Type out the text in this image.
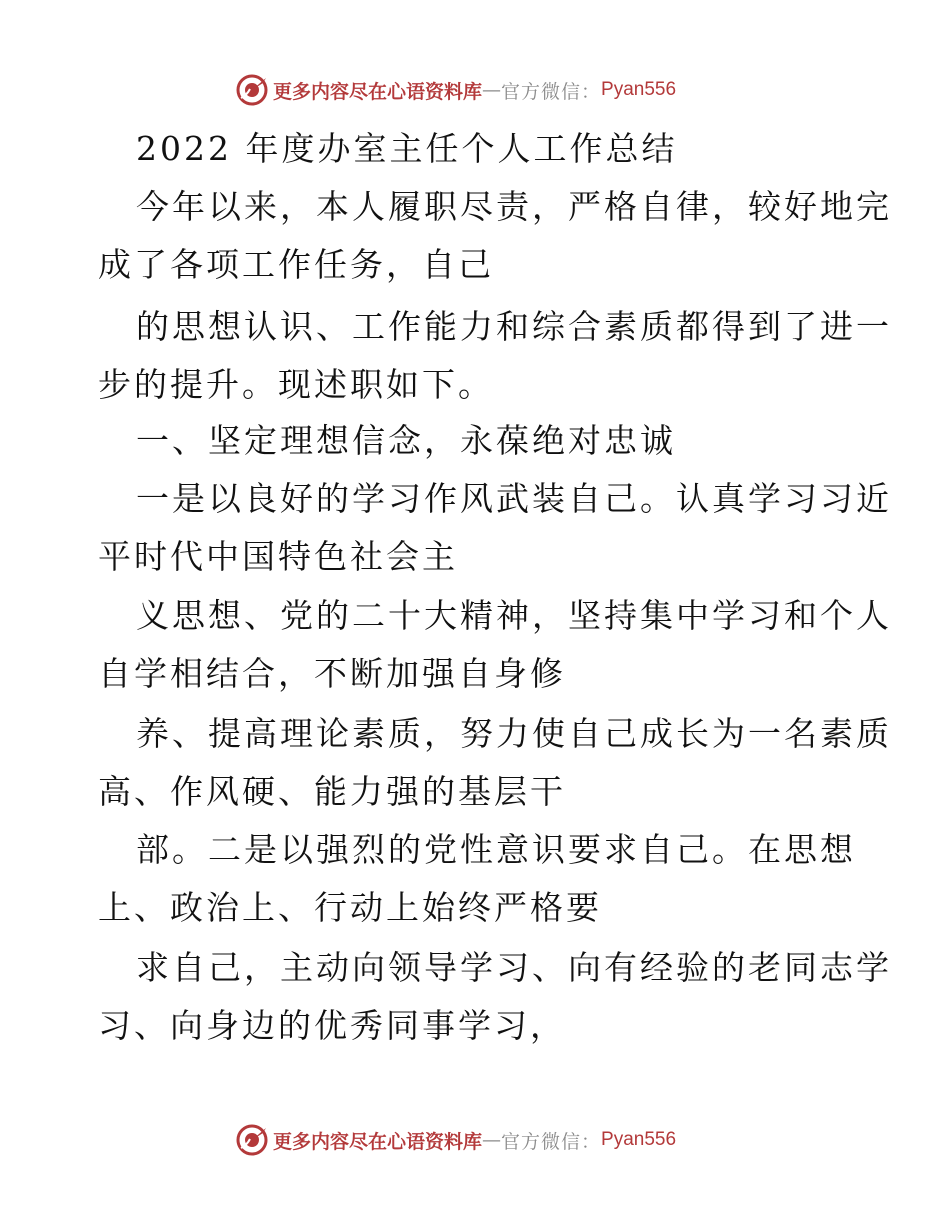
更多内容尽在心语资料库 — 官方微信： Pyan556
2022 年度办室主任个人工作总结
今年以来，本人履职尽责，严格自律，较好地完
成了各项工作任务，自己
的思想认识、工作能力和综合素质都得到了进一
步的提升。现述职如下。
一、坚定理想信念，永葆绝对忠诚
一是以良好的学习作风武装自己。认真学习习近
平时代中国特色社会主
义思想、党的二十大精神，坚持集中学习和个人
自学相结合，不断加强自身修
养、提高理论素质，努力使自己成长为一名素质
高、作风硬、能力强的基层干
部。二是以强烈的党性意识要求自己。在思想
上、政治上、行动上始终严格要
求自己，主动向领导学习、向有经验的老同志学
习、向身边的优秀同事学习，
更多内容尽在心语资料库 — 官方微信： Pyan556
